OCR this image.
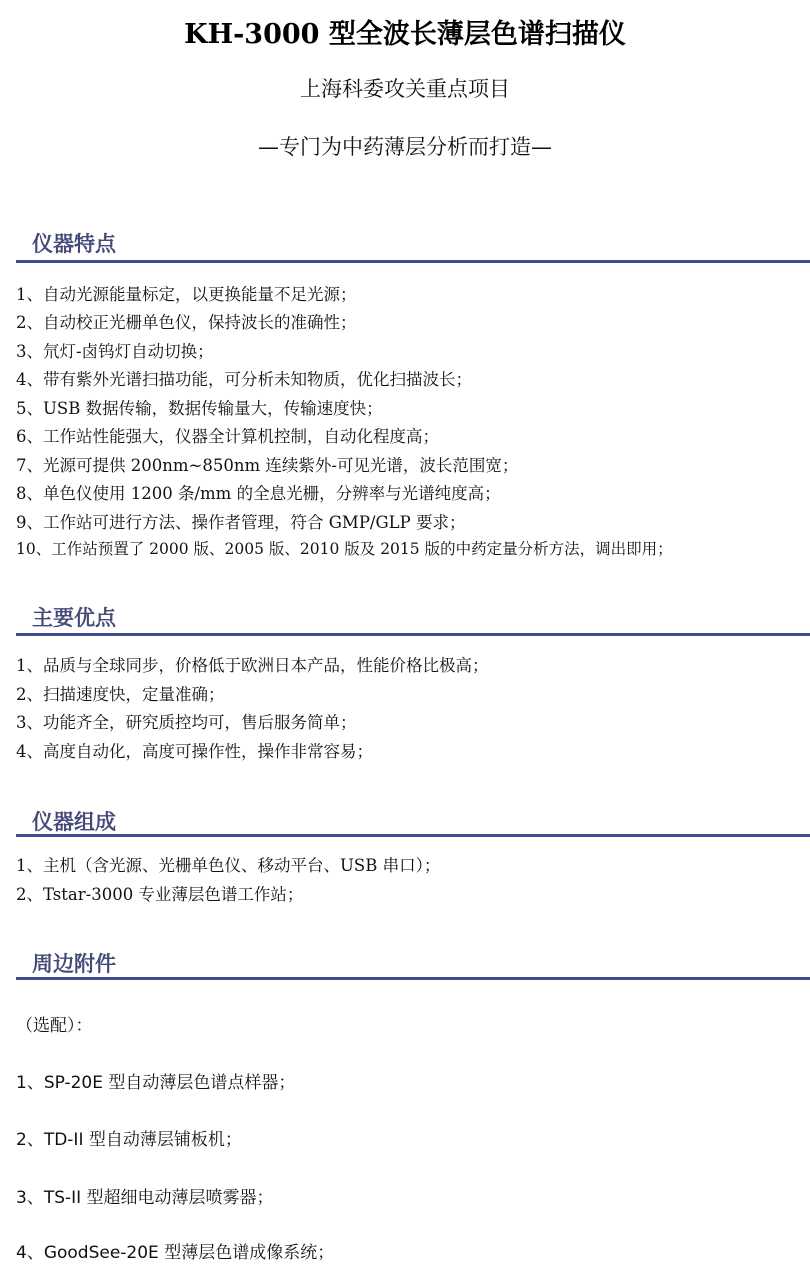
KH-3000 型全波长薄层色谱扫描仪
上海科委攻关重点项目
—专门为中药薄层分析而打造—
仪器特点
1、自动光源能量标定，以更换能量不足光源；
2、自动校正光栅单色仪，保持波长的准确性；
3、氘灯-卤钨灯自动切换；
4、带有紫外光谱扫描功能，可分析未知物质，优化扫描波长；
5、USB 数据传输，数据传输量大，传输速度快；
6、工作站性能强大，仪器全计算机控制，自动化程度高；
7、光源可提供 200nm~850nm 连续紫外-可见光谱，波长范围宽；
8、单色仪使用 1200 条/mm 的全息光栅，分辨率与光谱纯度高；
9、工作站可进行方法、操作者管理，符合 GMP/GLP 要求；
10、工作站预置了 2000 版、2005 版、2010 版及 2015 版的中药定量分析方法，调出即用；
主要优点
1、品质与全球同步，价格低于欧洲日本产品，性能价格比极高；
2、扫描速度快，定量准确；
3、功能齐全，研究质控均可，售后服务简单；
4、高度自动化，高度可操作性，操作非常容易；
仪器组成
1、主机（含光源、光栅单色仪、移动平台、USB 串口）；
2、Tstar-3000 专业薄层色谱工作站；
周边附件
（选配）：
1、SP-20E 型自动薄层色谱点样器；
2、TD-II 型自动薄层铺板机；
3、TS-II 型超细电动薄层喷雾器；
4、GoodSee-20E 型薄层色谱成像系统；
